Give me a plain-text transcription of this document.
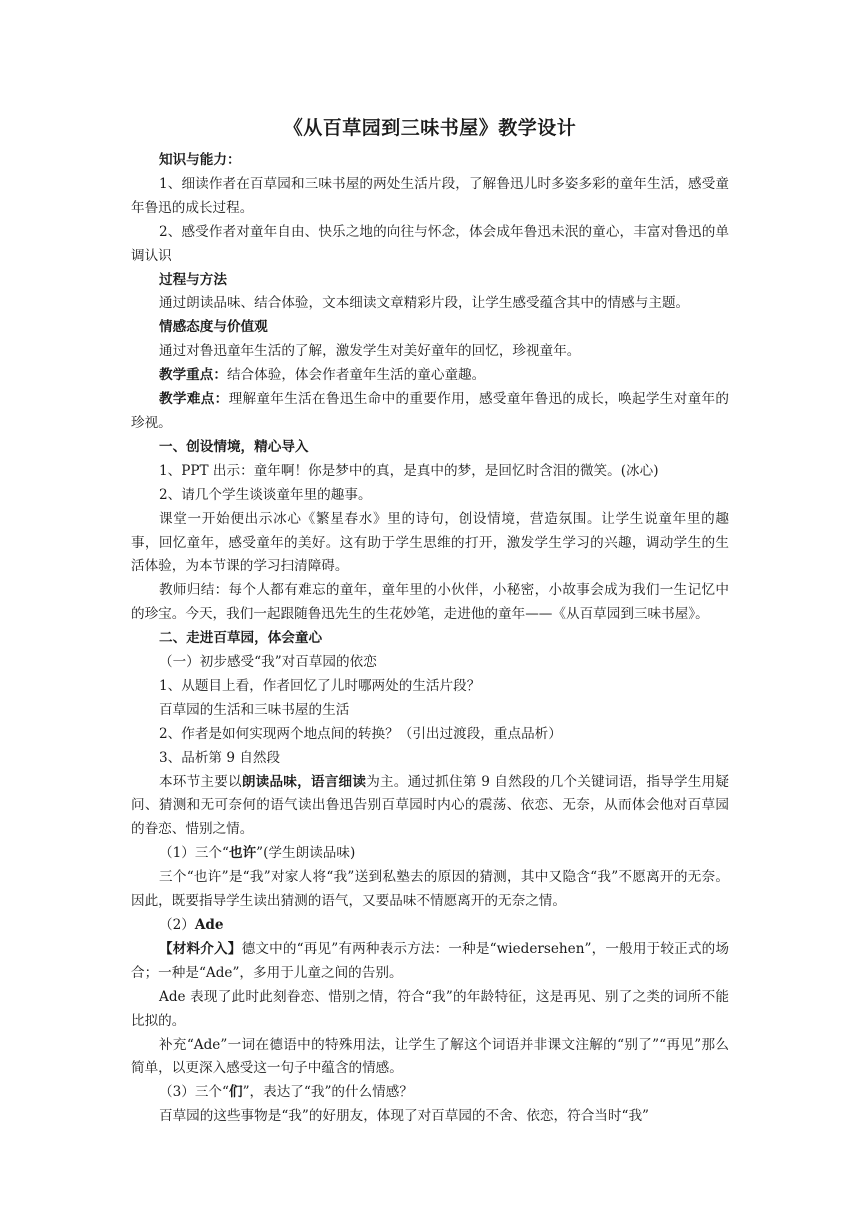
《从百草园到三味书屋》教学设计

知识与能力：

1、细读作者在百草园和三味书屋的两处生活片段，了解鲁迅儿时多姿多彩的童年生活，感受童年鲁迅的成长过程。

2、感受作者对童年自由、快乐之地的向往与怀念，体会成年鲁迅未泯的童心，丰富对鲁迅的单调认识

过程与方法

通过朗读品味、结合体验，文本细读文章精彩片段，让学生感受蕴含其中的情感与主题。

情感态度与价值观

通过对鲁迅童年生活的了解，激发学生对美好童年的回忆，珍视童年。

教学重点：结合体验，体会作者童年生活的童心童趣。

教学难点：理解童年生活在鲁迅生命中的重要作用，感受童年鲁迅的成长，唤起学生对童年的珍视。

一、创设情境，精心导入

1、PPT 出示：童年啊！你是梦中的真，是真中的梦，是回忆时含泪的微笑。(冰心)

2、请几个学生谈谈童年里的趣事。

课堂一开始便出示冰心《繁星春水》里的诗句，创设情境，营造氛围。让学生说童年里的趣事，回忆童年，感受童年的美好。这有助于学生思维的打开，激发学生学习的兴趣，调动学生的生活体验，为本节课的学习扫清障碍。

教师归结：每个人都有难忘的童年，童年里的小伙伴，小秘密，小故事会成为我们一生记忆中的珍宝。今天，我们一起跟随鲁迅先生的生花妙笔，走进他的童年——《从百草园到三味书屋》。

二、走进百草园，体会童心

（一）初步感受“我”对百草园的依恋

1、从题目上看，作者回忆了儿时哪两处的生活片段？

百草园的生活和三味书屋的生活

2、作者是如何实现两个地点间的转换？（引出过渡段，重点品析）

3、品析第 9 自然段

本环节主要以朗读品味，语言细读为主。通过抓住第 9 自然段的几个关键词语，指导学生用疑问、猜测和无可奈何的语气读出鲁迅告别百草园时内心的震荡、依恋、无奈，从而体会他对百草园的眷恋、惜别之情。

（1）三个“也许”(学生朗读品味)

三个“也许”是“我”对家人将“我”送到私塾去的原因的猜测，其中又隐含“我”不愿离开的无奈。因此，既要指导学生读出猜测的语气，又要品味不情愿离开的无奈之情。

（2）Ade

【材料介入】德文中的“再见”有两种表示方法：一种是“wiedersehen”，一般用于较正式的场合；一种是“Ade”，多用于儿童之间的告别。

Ade 表现了此时此刻眷恋、惜别之情，符合“我”的年龄特征，这是再见、别了之类的词所不能比拟的。

补充“Ade”一词在德语中的特殊用法，让学生了解这个词语并非课文注解的“别了”“再见”那么简单，以更深入感受这一句子中蕴含的情感。

（3）三个“们”，表达了“我”的什么情感？

百草园的这些事物是“我”的好朋友，体现了对百草园的不舍、依恋，符合当时“我”
